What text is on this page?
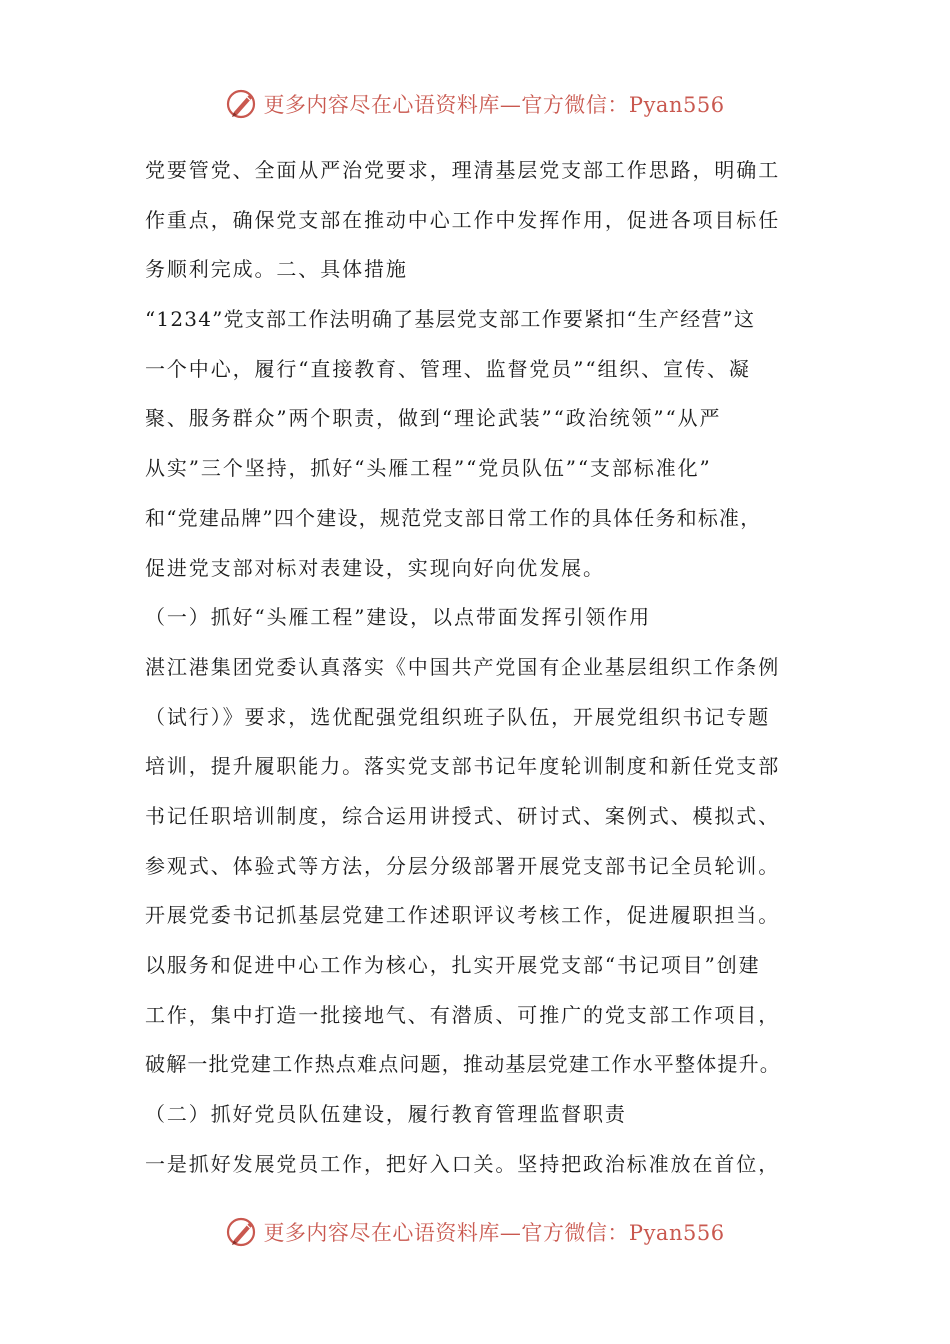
更多内容尽在心语资料库—官方微信：Pyan556
党要管党、全面从严治党要求，理清基层党支部工作思路，明确工
作重点，确保党支部在推动中心工作中发挥作用，促进各项目标任
务顺利完成。二、具体措施
“1234”党支部工作法明确了基层党支部工作要紧扣“生产经营”这
一个中心，履行“直接教育、管理、监督党员”“组织、宣传、凝
聚、服务群众”两个职责，做到“理论武装”“政治统领”“从严
从实”三个坚持，抓好“头雁工程”“党员队伍”“支部标准化”
和“党建品牌”四个建设，规范党支部日常工作的具体任务和标准，
促进党支部对标对表建设，实现向好向优发展。
（一）抓好“头雁工程”建设，以点带面发挥引领作用
湛江港集团党委认真落实《中国共产党国有企业基层组织工作条例
（试行）》要求，选优配强党组织班子队伍，开展党组织书记专题
培训，提升履职能力。落实党支部书记年度轮训制度和新任党支部
书记任职培训制度，综合运用讲授式、研讨式、案例式、模拟式、
参观式、体验式等方法，分层分级部署开展党支部书记全员轮训。
开展党委书记抓基层党建工作述职评议考核工作，促进履职担当。
以服务和促进中心工作为核心，扎实开展党支部“书记项目”创建
工作，集中打造一批接地气、有潜质、可推广的党支部工作项目，
破解一批党建工作热点难点问题，推动基层党建工作水平整体提升。
（二）抓好党员队伍建设，履行教育管理监督职责
一是抓好发展党员工作，把好入口关。坚持把政治标准放在首位，
更多内容尽在心语资料库—官方微信：Pyan556
